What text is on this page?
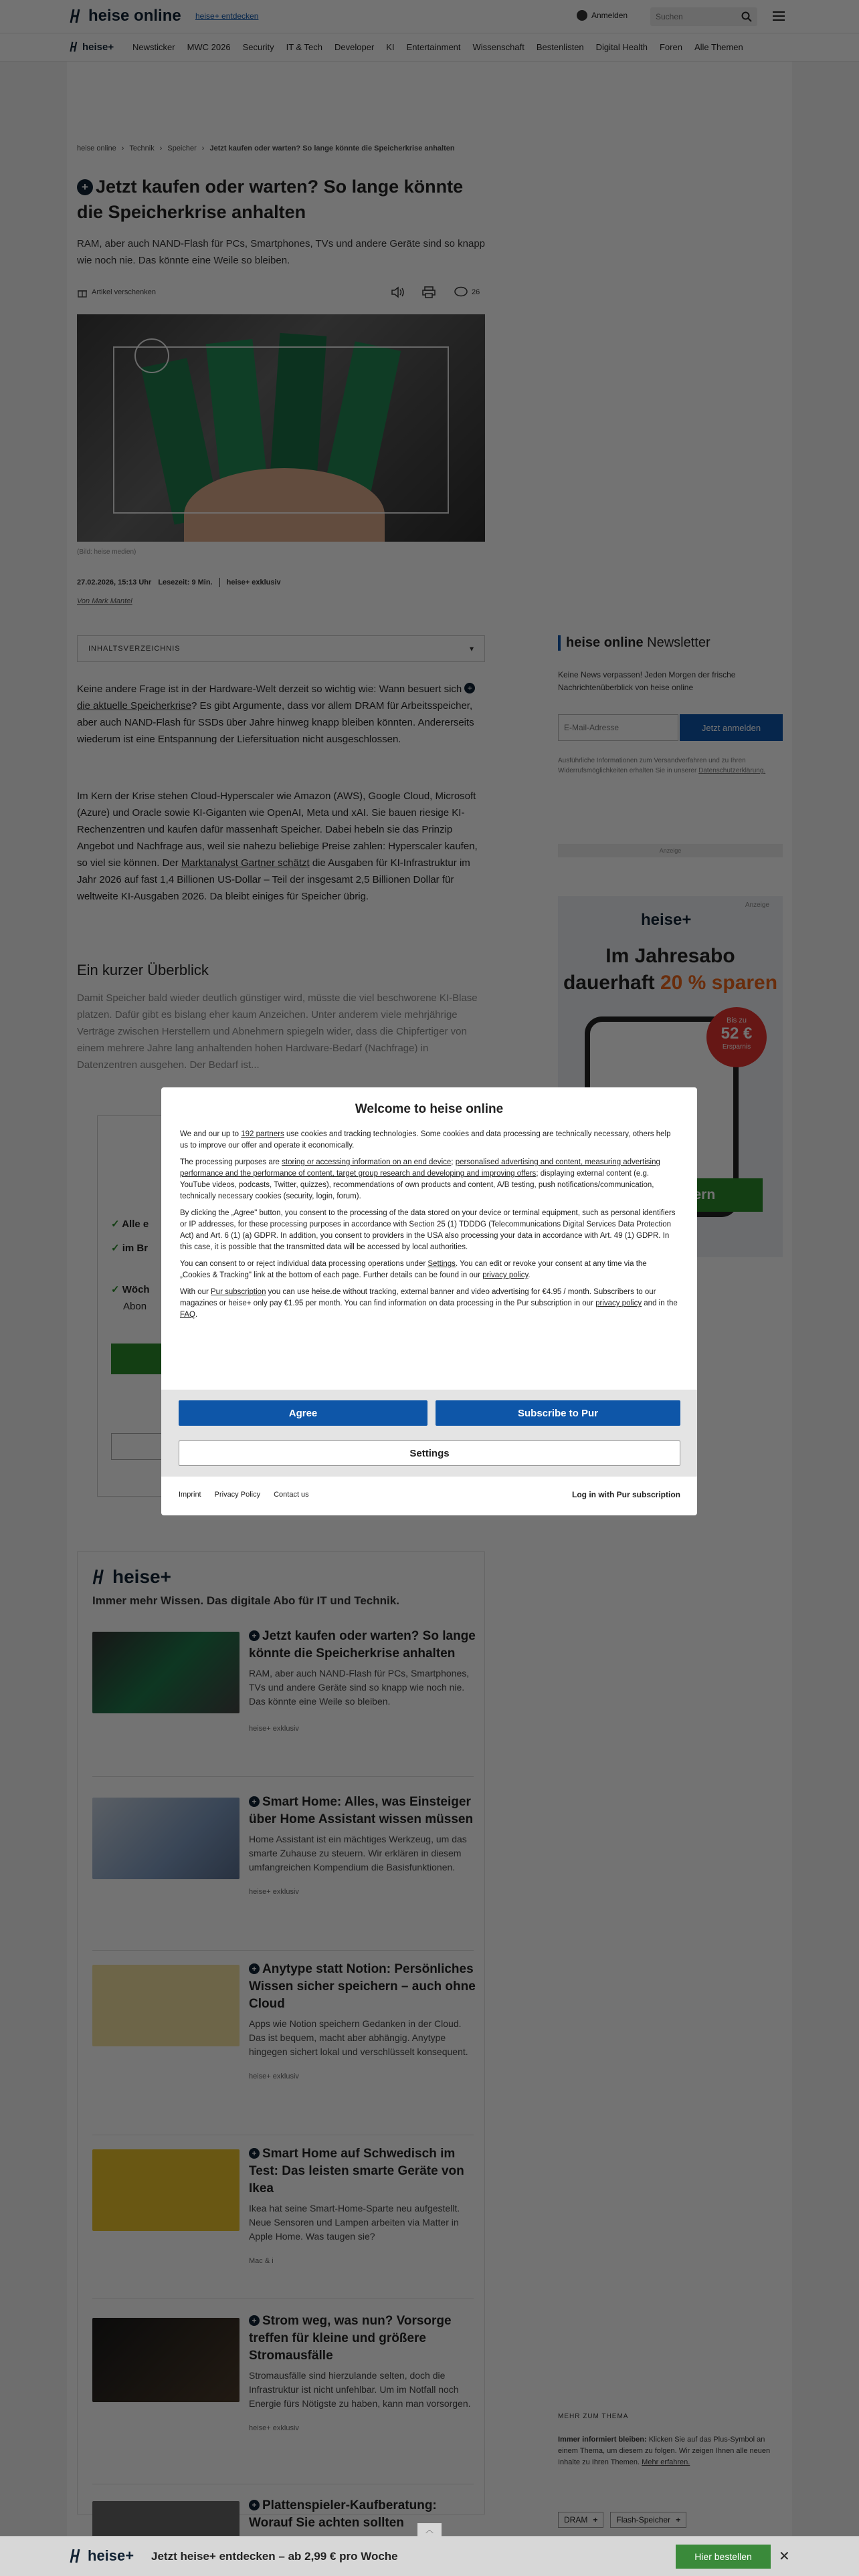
Suchen

E-Mail-Adresse

︿
heise+ Jetzt heise+ entdecken – ab 2,99 € pro Woche	Hier bestellen	✕
Welcome to heise online

We and our up to 192 partners use cookies and tracking technologies. Some cookies and data processing are technically necessary, others help us to improve our offer and operate it economically.

The processing purposes are storing or accessing information on an end device; personalised advertising and content, measuring advertising performance and the performance of content, target group research and developing and improving offers; displaying external content (e.g. YouTube videos, podcasts, Twitter, quizzes), recommendations of own products and content, A/B testing, push notifications/communication, technically necessary cookies (security, login, forum).

By clicking the „Agree" button, you consent to the processing of the data stored on your device or terminal equipment, such as personal identifiers or IP addresses, for these processing purposes in accordance with Section 25 (1) TDDDG (Telecommunications Digital Services Data Protection Act) and Art. 6 (1) (a) GDPR. In addition, you consent to providers in the USA also processing your data in accordance with Art. 49 (1) GDPR. In this case, it is possible that the transmitted data will be accessed by local authorities.

You can consent to or reject individual data processing operations under Settings. You can edit or revoke your consent at any time via the „Cookies & Tracking" link at the bottom of each page. Further details can be found in our privacy policy.

With our Pur subscription you can use heise.de without tracking, external banner and video advertising for €4.95 / month. Subscribers to our magazines or heise+ only pay €1.95 per month. You can find information on data processing in the Pur subscription in our privacy policy and in the FAQ.

Agree	Subscribe to Pur
Settings
Imprint Privacy Policy Contact us	Log in with Pur subscription
